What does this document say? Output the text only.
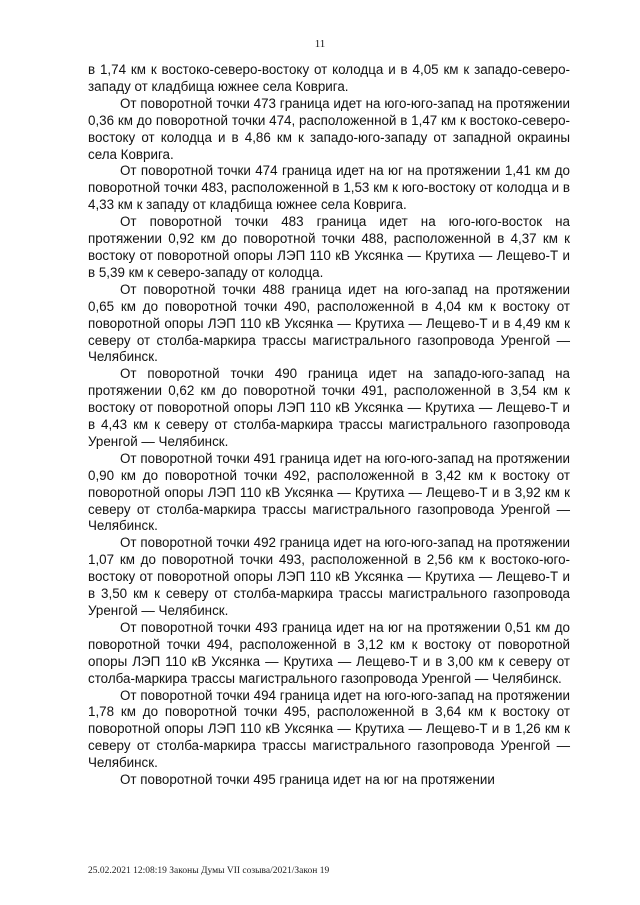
11

в 1,74 км к востоко-северо-востоку от колодца и в 4,05 км к западо-северо-западу от кладбища южнее села Коврига.

От поворотной точки 473 граница идет на юго-юго-запад на протяжении 0,36 км до поворотной точки 474, расположенной в 1,47 км к востоко-северо-востоку от колодца и в 4,86 км к западо-юго-западу от западной окраины села Коврига.

От поворотной точки 474 граница идет на юг на протяжении 1,41 км до поворотной точки 483, расположенной в 1,53 км к юго-востоку от колодца и в 4,33 км к западу от кладбища южнее села Коврига.

От поворотной точки 483 граница идет на юго-юго-восток на протяжении 0,92 км до поворотной точки 488, расположенной в 4,37 км к востоку от поворотной опоры ЛЭП 110 кВ Уксянка — Крутиха — Лещево-Т и в 5,39 км к северо-западу от колодца.

От поворотной точки 488 граница идет на юго-запад на протяжении 0,65 км до поворотной точки 490, расположенной в 4,04 км к востоку от поворотной опоры ЛЭП 110 кВ Уксянка — Крутиха — Лещево-Т и в 4,49 км к северу от столба-маркира трассы магистрального газопровода Уренгой — Челябинск.

От поворотной точки 490 граница идет на западо-юго-запад на протяжении 0,62 км до поворотной точки 491, расположенной в 3,54 км к востоку от поворотной опоры ЛЭП 110 кВ Уксянка — Крутиха — Лещево-Т и в 4,43 км к северу от столба-маркира трассы магистрального газопровода Уренгой — Челябинск.

От поворотной точки 491 граница идет на юго-юго-запад на протяжении 0,90 км до поворотной точки 492, расположенной в 3,42 км к востоку от поворотной опоры ЛЭП 110 кВ Уксянка — Крутиха — Лещево-Т и в 3,92 км к северу от столба-маркира трассы магистрального газопровода Уренгой — Челябинск.

От поворотной точки 492 граница идет на юго-юго-запад на протяжении 1,07 км до поворотной точки 493, расположенной в 2,56 км к востоко-юго-востоку от поворотной опоры ЛЭП 110 кВ Уксянка — Крутиха — Лещево-Т и в 3,50 км к северу от столба-маркира трассы магистрального газопровода Уренгой — Челябинск.

От поворотной точки 493 граница идет на юг на протяжении 0,51 км до поворотной точки 494, расположенной в 3,12 км к востоку от поворотной опоры ЛЭП 110 кВ Уксянка — Крутиха — Лещево-Т и в 3,00 км к северу от столба-маркира трассы магистрального газопровода Уренгой — Челябинск.

От поворотной точки 494 граница идет на юго-юго-запад на протяжении 1,78 км до поворотной точки 495, расположенной в 3,64 км к востоку от поворотной опоры ЛЭП 110 кВ Уксянка — Крутиха — Лещево-Т и в 1,26 км к северу от столба-маркира трассы магистрального газопровода Уренгой — Челябинск.

От поворотной точки 495 граница идет на юг на протяжении

25.02.2021 12:08:19 Законы Думы VII созыва/2021/Закон 19
